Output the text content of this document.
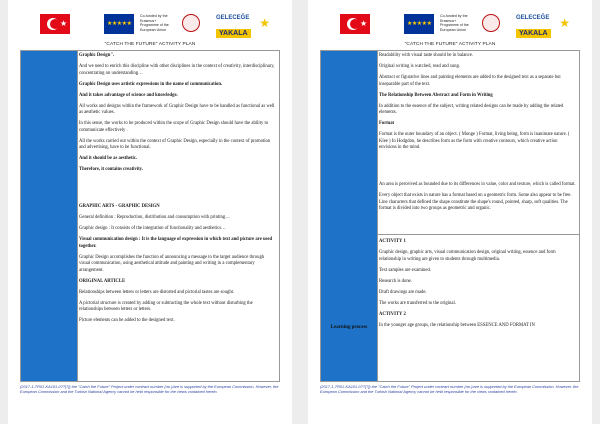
★	★ ★ ★ ★ ★
Co-funded by the Erasmus+ Programme of the European Union
GELECEĞE
YAKALA
★
"CATCH THE FUTURE" ACTIVITY PLAN

Graphic Design".

And we need to enrich this discipline with other disciplines in the context of creativity, interdisciplinary, concentrating on understanding…

Graphic Design uses artistic expressions in the name of communication.

And it takes advantage of science and knowledge.

All works and designs within the framework of Graphic Design have to be handled as functional as well as aesthetic values.

In this sense, the works to be produced within the scope of Graphic Design should have the ability to communicate effectively .

All the works carried out within the context of Graphic Design, especially in the context of promotion and advertising, have to be functional.

And it should be as aesthetic.

Therefore, it contains creativity.

GRAPHIC ARTS - GRAPHIC DESIGN

General definition : Reproduction, distribution and consumption with printing…

Graphic design : It consists of the integration of functionality and aesthetics…

Visual communication design : It is the language of expression in which text and picture are used together.

Graphic Design accomplishes the function of announcing a message to the target audience through visual communication, using aesthetical attitude and painting and writing in a complementary arrangement.

ORIGINAL ARTICLE

Relationships between letters or letters are distorted and pictorial tastes are sought.

A pictorial structure is created by adding or subtracting the whole text without disturbing the relationships between letters or letters.

Picture elements can be added to the designed text.

(2017-1-TR01-KA101-0??[?]) the "Catch the Future" Project under contract number (no.)/are is supported by the European Commission. However, the European Commission and the Turkish National Agency cannot be held responsible for the views contained herein.
★	★ ★ ★ ★ ★
Co-funded by the Erasmus+ Programme of the European Union
GELECEĞE
YAKALA
★
"CATCH THE FUTURE" ACTIVITY PLAN
Learning process

Readability with visual taste should be in balance.

Original writing is watched, read and sung.

Abstract or figurative lines and painting elements are added to the designed text as a separate but inseparable part of the text.

The Relationship Between Abstract and Form in Writing

In addition to the essence of the subject, writing related designs can be made by adding the related elements.

Format

Format is the outer boundary of an object. ( Monge ) Format, living being, form is inanimate nature. ( Klee ) In Hodgdon, he describes form as the form with creative contours, which creative action envisions in the mind.

An area is perceived as bounded due to its differences in value, color and texture, which is called format.

Every object that exists in nature has a format based on a geometric form. Some also appear to be free. Line characters that defined the shape constitute the shape's round, pointed, sharp, soft qualities. The format is divided into two groups as geometric and organic.

ACTIVITY 1

Graphic design, graphic arts, visual communication design, original writing, essence and form relationship in writing are given to students through multimedia.

Text samples are examined.

Research is done.

Draft drawings are made.

The works are transferred to the original.

ACTIVITY 2

In the younger age groups, the relationship between ESSENCE AND FORMAT IN

(2017-1-TR01-KA101-0??[?]) the "Catch the Future" Project under contract number (no.)/are is supported by the European Commission. However, the European Commission and the Turkish National Agency cannot be held responsible for the views contained herein.
